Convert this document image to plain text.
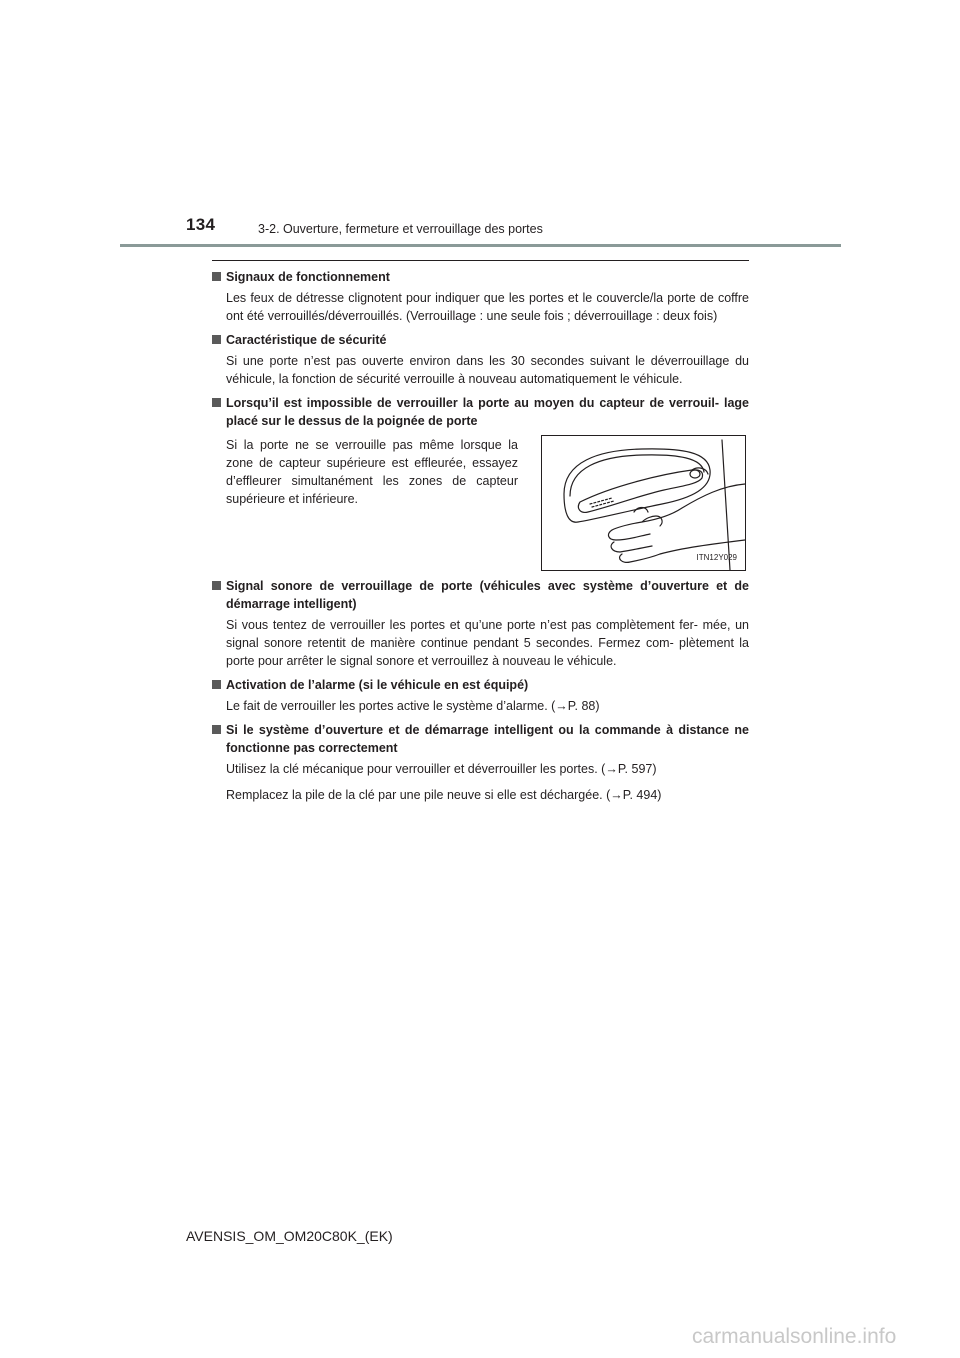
134	3-2. Ouverture, fermeture et verrouillage des portes
Signaux de fonctionnement
Les feux de détresse clignotent pour indiquer que les portes et le couvercle/la porte de coffre ont été verrouillés/déverrouillés. (Verrouillage : une seule fois ; déverrouillage : deux fois)
Caractéristique de sécurité
Si une porte n’est pas ouverte environ dans les 30 secondes suivant le déverrouillage du véhicule, la fonction de sécurité verrouille à nouveau automatiquement le véhicule.
Lorsqu’il est impossible de verrouiller la porte au moyen du capteur de verrouil- lage placé sur le dessus de la poignée de porte
Si la porte ne se verrouille pas même lorsque la zone de capteur supérieure est effleurée, essayez d’effleurer simultanément les zones de capteur supérieure et inférieure.
ITN12Y029
Signal sonore de verrouillage de porte (véhicules avec système d’ouverture et de démarrage intelligent)
Si vous tentez de verrouiller les portes et qu’une porte n’est pas complètement fer- mée, un signal sonore retentit de manière continue pendant 5 secondes. Fermez com- plètement la porte pour arrêter le signal sonore et verrouillez à nouveau le véhicule.
Activation de l’alarme (si le véhicule en est équipé)
Le fait de verrouiller les portes active le système d’alarme. (→P. 88)
Si le système d’ouverture et de démarrage intelligent ou la commande à distance ne fonctionne pas correctement
Utilisez la clé mécanique pour verrouiller et déverrouiller les portes. (→P. 597)
Remplacez la pile de la clé par une pile neuve si elle est déchargée. (→P. 494)
AVENSIS_OM_OM20C80K_(EK)
carmanualsonline.info
